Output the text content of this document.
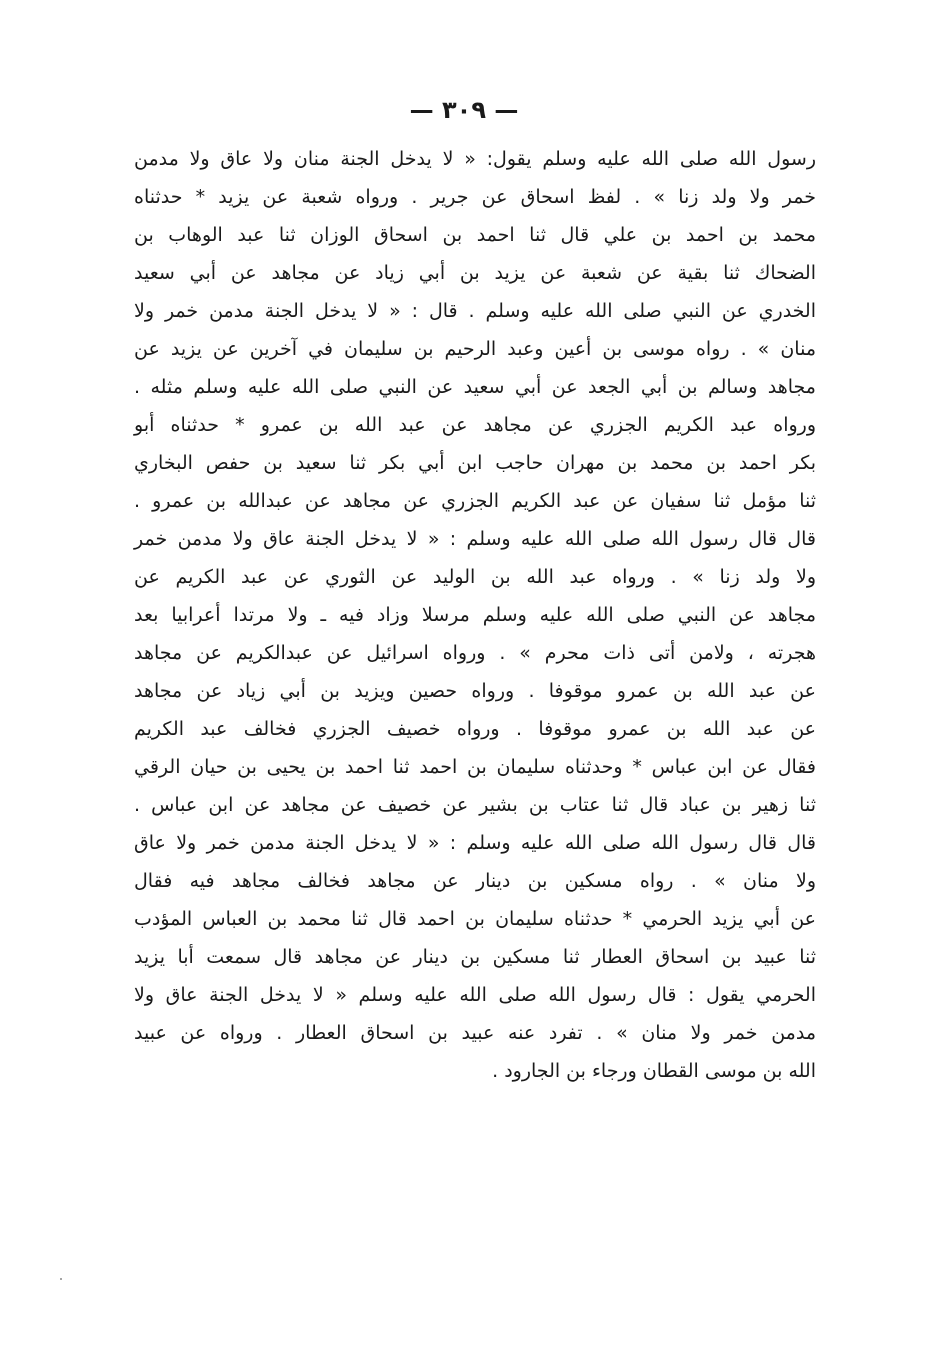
— ٣٠٩ —
رسول الله صلى الله عليه وسلم يقول: « لا يدخل الجنة منان ولا عاق ولا مدمن
خمر ولا ولد زنا » . لفظ اسحاق عن جرير . ورواه شعبة عن يزيد * حدثناه
محمد بن احمد بن علي قال ثنا احمد بن اسحاق الوزان ثنا عبد الوهاب بن
الضحاك ثنا بقية عن شعبة عن يزيد بن أبي زياد عن مجاهد عن أبي سعيد
الخدري عن النبي صلى الله عليه وسلم . قال : « لا يدخل الجنة مدمن خمر ولا
منان » . رواه موسى بن أعين وعبد الرحيم بن سليمان في آخرين عن يزيد عن
مجاهد وسالم بن أبي الجعد عن أبي سعيد عن النبي صلى الله عليه وسلم مثله .
ورواه عبد الكريم الجزري عن مجاهد عن عبد الله بن عمرو * حدثناه أبو
بكر احمد بن محمد بن مهران حاجب ابن أبي بكر ثنا سعيد بن حفص البخاري
ثنا مؤمل ثنا سفيان عن عبد الكريم الجزري عن مجاهد عن عبدالله بن عمرو .
قال قال رسول الله صلى الله عليه وسلم : « لا يدخل الجنة عاق ولا مدمن خمر
ولا ولد زنا » . ورواه عبد الله بن الوليد عن الثوري عن عبد الكريم عن
مجاهد عن النبي صلى الله عليه وسلم مرسلا وزاد فيه ـ ولا مرتدا أعرابيا بعد
هجرته ، ولامن أتى ذات محرم » . ورواه اسرائيل عن عبدالكريم عن مجاهد
عن عبد الله بن عمرو موقوفا . ورواه حصين ويزيد بن أبي زياد عن مجاهد
عن عبد الله بن عمرو موقوفا . ورواه خصيف الجزري فخالف عبد الكريم
فقال عن ابن عباس * وحدثناه سليمان بن احمد ثنا احمد بن يحيى بن حيان الرقي
ثنا زهير بن عباد قال ثنا عتاب بن بشير عن خصيف عن مجاهد عن ابن عباس .
قال قال رسول الله صلى الله عليه وسلم : « لا يدخل الجنة مدمن خمر ولا عاق
ولا منان » . رواه مسكين بن دينار عن مجاهد فخالف مجاهد فيه فقال
عن أبي يزيد الحرمي * حدثناه سليمان بن احمد قال ثنا محمد بن العباس المؤدب
ثنا عبيد بن اسحاق العطار ثنا مسكين بن دينار عن مجاهد قال سمعت أبا يزيد
الحرمي يقول : قال رسول الله صلى الله عليه وسلم « لا يدخل الجنة عاق ولا
مدمن خمر ولا منان » . تفرد عنه عبيد بن اسحاق العطار . ورواه عن عبيد
الله بن موسى القطان ورجاء بن الجارود .
